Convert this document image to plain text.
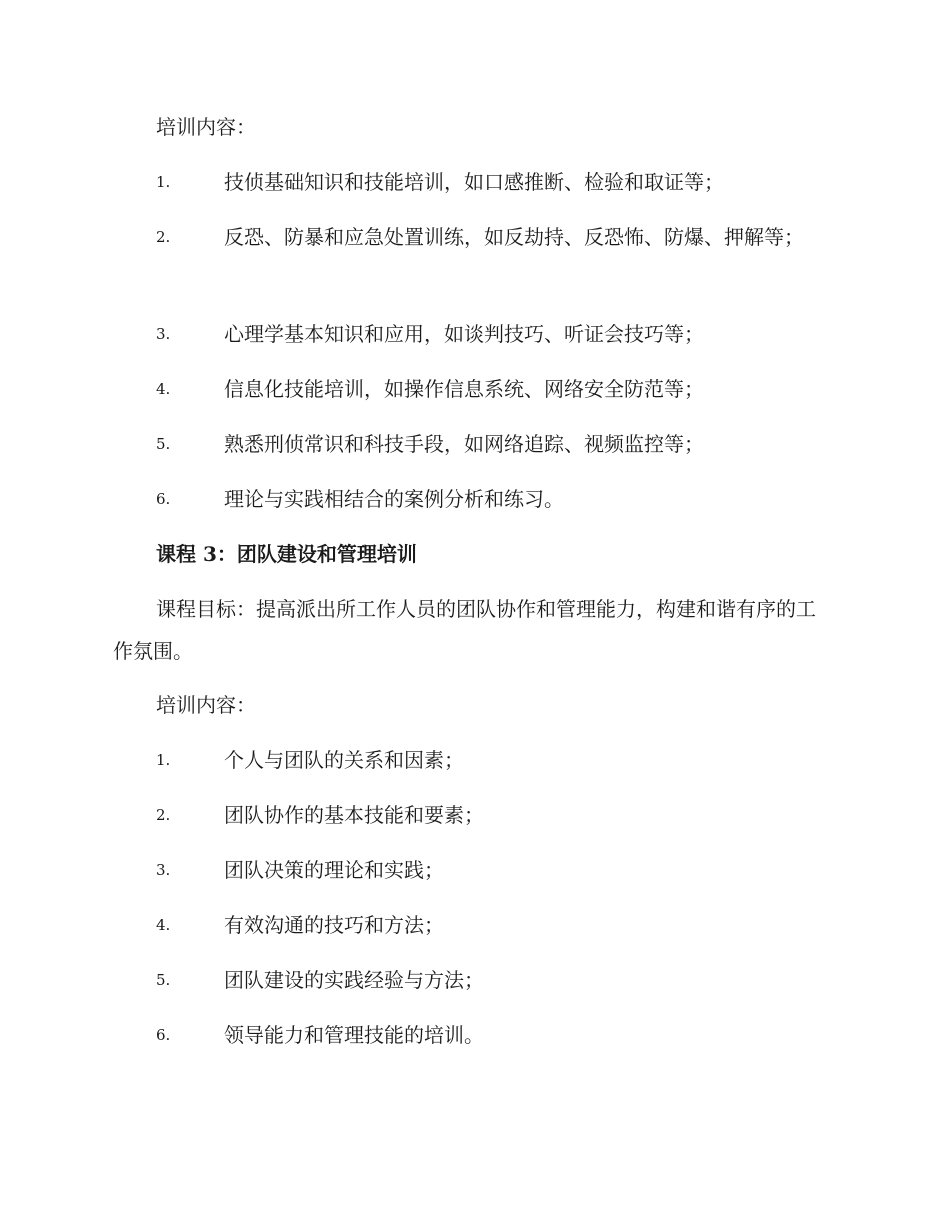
培训内容：

1.	技侦基础知识和技能培训，如口感推断、检验和取证等；
2.	反恐、防暴和应急处置训练，如反劫持、反恐怖、防爆、押解等；
3.	心理学基本知识和应用，如谈判技巧、听证会技巧等；
4.	信息化技能培训，如操作信息系统、网络安全防范等；
5.	熟悉刑侦常识和科技手段，如网络追踪、视频监控等；
6.	理论与实践相结合的案例分析和练习。

课程 3：团队建设和管理培训

课程目标：提高派出所工作人员的团队协作和管理能力，构建和谐有序的工作氛围。

培训内容：

1.	个人与团队的关系和因素；
2.	团队协作的基本技能和要素；
3.	团队决策的理论和实践；
4.	有效沟通的技巧和方法；
5.	团队建设的实践经验与方法；
6.	领导能力和管理技能的培训。
